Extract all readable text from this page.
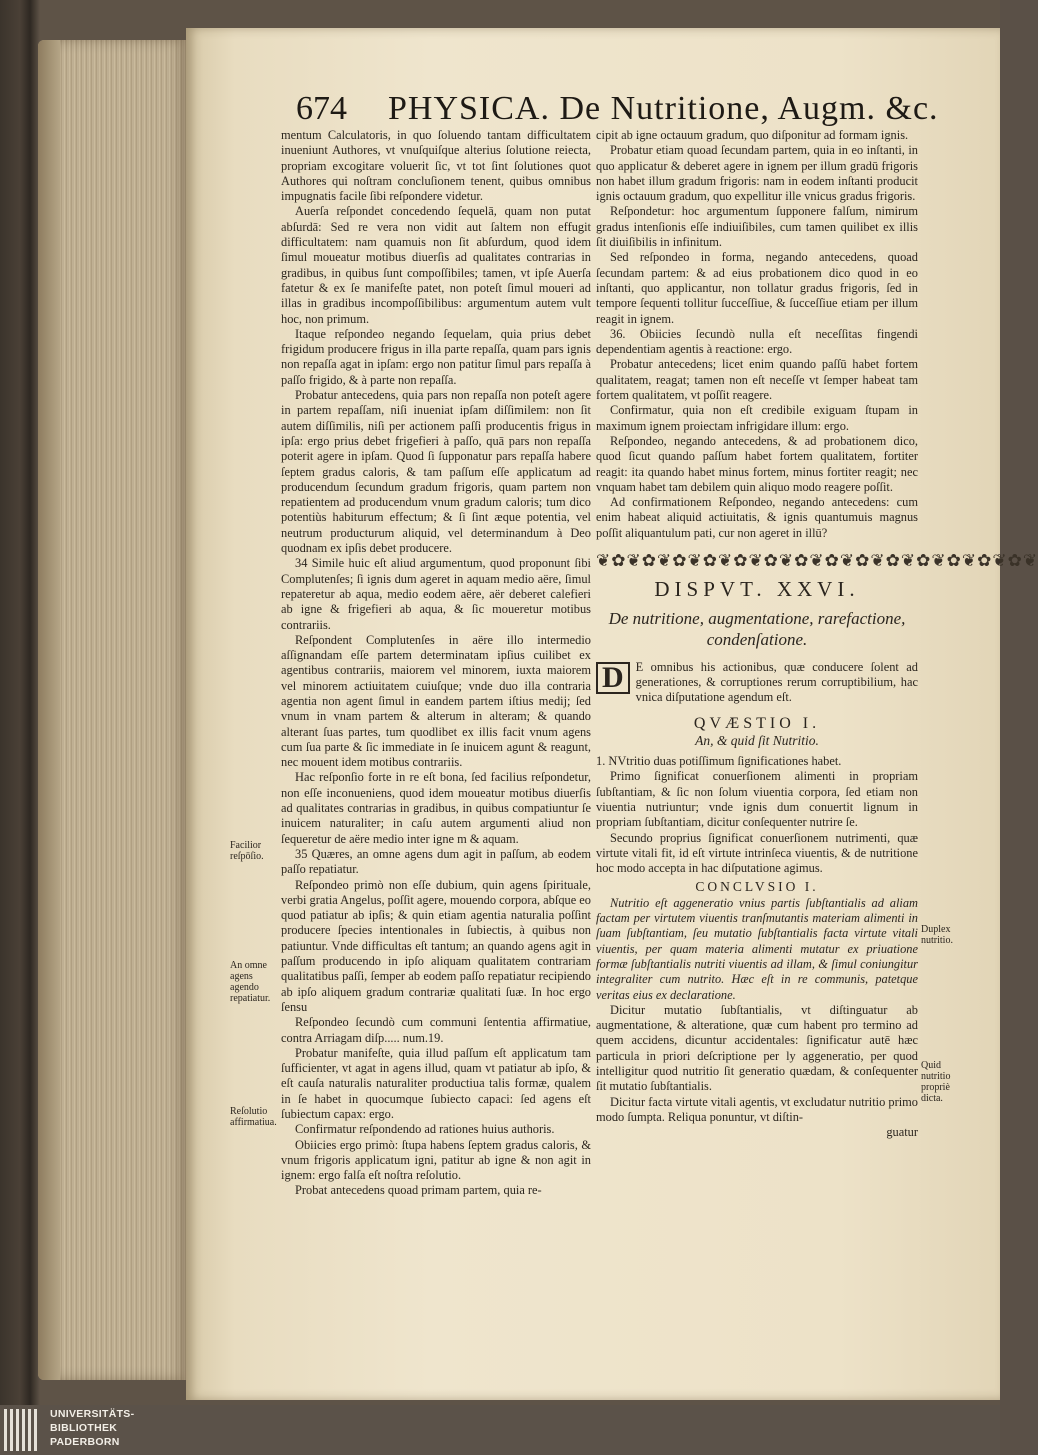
674 PHYSICA. De Nutritione, Augm. &c.
Facilior reſpōſio.
An omne agens agendo repatiatur.
Reſolutio affirmatiua.
Duplex nutritio.
Quid nutritio propriè dicta.

mentum Calculatoris, in quo ſoluendo tantam difficultatem inueniunt Authores, vt vnuſquiſque alterius ſolutione reiecta, propriam excogitare voluerit ſic, vt tot ſint ſolutiones quot Authores qui noſtram concluſionem tenent, quibus omnibus impugnatis facile ſibi reſpondere videtur.

Auerſa reſpondet concedendo ſequelā, quam non putat abſurdā: Sed re vera non vidit aut ſaltem non effugit difficultatem: nam quamuis non ſit abſurdum, quod idem ſimul moueatur motibus diuerſis ad qualitates contrarias in gradibus, in quibus ſunt compoſſibiles; tamen, vt ipſe Auerſa fatetur & ex ſe manifeſte patet, non poteſt ſimul moueri ad illas in gradibus incompoſſibilibus: argumentum autem vult hoc, non primum.

Itaque reſpondeo negando ſequelam, quia prius debet frigidum producere frigus in illa parte repaſſa, quam pars ignis non repaſſa agat in ipſam: ergo non patitur ſimul pars repaſſa à paſſo frigido, & à parte non repaſſa.

Probatur antecedens, quia pars non repaſſa non poteſt agere in partem repaſſam, niſi inueniat ipſam diſſimilem: non ſit autem diſſimilis, niſi per actionem paſſi producentis frigus in ipſa: ergo prius debet frigefieri à paſſo, quā pars non repaſſa poterit agere in ipſam. Quod ſi ſupponatur pars repaſſa habere ſeptem gradus caloris, & tam paſſum eſſe applicatum ad producendum ſecundum gradum frigoris, quam partem non repatientem ad producendum vnum gradum caloris; tum dico potentiùs habiturum effectum; & ſi ſint æque potentia, vel neutrum producturum aliquid, vel determinandum à Deo quodnam ex ipſis debet producere.

34 Simile huic eſt aliud argumentum, quod proponunt ſibi Complutenſes; ſi ignis dum ageret in aquam medio aëre, ſimul repateretur ab aqua, medio eodem aëre, aër deberet calefieri ab igne & frigefieri ab aqua, & ſic moueretur motibus contrariis.

Reſpondent Complutenſes in aëre illo intermedio aſſignandam eſſe partem determinatam ipſius cuilibet ex agentibus contrariis, maiorem vel minorem, iuxta maiorem vel minorem actiuitatem cuiuſque; vnde duo illa contraria agentia non agent ſimul in eandem partem iſtius medij; ſed vnum in vnam partem & alterum in alteram; & quando alterant ſuas partes, tum quodlibet ex illis facit vnum agens cum ſua parte & ſic immediate in ſe inuicem agunt & reagunt, nec mouent idem motibus contrariis.

Hac reſponſio forte in re eſt bona, ſed facilius reſpondetur, non eſſe inconueniens, quod idem moueatur motibus diuerſis ad qualitates contrarias in gradibus, in quibus compatiuntur ſe inuicem naturaliter; in caſu autem argumenti aliud non ſequeretur de aëre medio inter igne m & aquam.

35 Quæres, an omne agens dum agit in paſſum, ab eodem paſſo repatiatur.

Reſpondeo primò non eſſe dubium, quin agens ſpirituale, verbi gratia Angelus, poſſit agere, mouendo corpora, abſque eo quod patiatur ab ipſis; & quin etiam agentia naturalia poſſint producere ſpecies intentionales in ſubiectis, à quibus non patiuntur. Vnde difficultas eſt tantum; an quando agens agit in paſſum producendo in ipſo aliquam qualitatem contrariam qualitatibus paſſi, ſemper ab eodem paſſo repatiatur recipiendo ab ipſo aliquem gradum contrariæ qualitati ſuæ. In hoc ergo ſensu

Reſpondeo ſecundò cum communi ſententia affirmatiue, contra Arriagam diſp..... num.19.

Probatur manifeſte, quia illud paſſum eſt applicatum tam ſufficienter, vt agat in agens illud, quam vt patiatur ab ipſo, & eſt cauſa naturalis naturaliter productiua talis formæ, qualem in ſe habet in quocumque ſubiecto capaci: ſed agens eſt ſubiectum capax: ergo.

Confirmatur reſpondendo ad rationes huius authoris.

Obiicies ergo primò: ſtupa habens ſeptem gradus caloris, & vnum frigoris applicatum igni, patitur ab igne & non agit in ignem: ergo falſa eſt noſtra reſolutio.

Probat antecedens quoad primam partem, quia re-

cipit ab igne octauum gradum, quo diſponitur ad formam ignis.

Probatur etiam quoad ſecundam partem, quia in eo inſtanti, in quo applicatur & deberet agere in ignem per illum gradū frigoris non habet illum gradum frigoris: nam in eodem inſtanti producit ignis octauum gradum, quo expellitur ille vnicus gradus frigoris.

Reſpondetur: hoc argumentum ſupponere falſum, nimirum gradus intenſionis eſſe indiuiſibiles, cum tamen quilibet ex illis ſit diuiſibilis in infinitum.

Sed reſpondeo in forma, negando antecedens, quoad ſecundam partem: & ad eius probationem dico quod in eo inſtanti, quo applicantur, non tollatur gradus frigoris, ſed in tempore ſequenti tollitur ſucceſſiue, & ſucceſſiue etiam per illum reagit in ignem.

36. Obiicies ſecundò nulla eſt neceſſitas fingendi dependentiam agentis à reactione: ergo.

Probatur antecedens; licet enim quando paſſū habet fortem qualitatem, reagat; tamen non eſt neceſſe vt ſemper habeat tam fortem qualitatem, vt poſſit reagere.

Confirmatur, quia non eſt credibile exiguam ſtupam in maximum ignem proiectam infrigidare illum: ergo.

Reſpondeo, negando antecedens, & ad probationem dico, quod ſicut quando paſſum habet fortem qualitatem, fortiter reagit: ita quando habet minus fortem, minus fortiter reagit; nec vnquam habet tam debilem quin aliquo modo reagere poſſit.

Ad confirmationem Reſpondeo, negando antecedens: cum enim habeat aliquid actiuitatis, & ignis quantumuis magnus poſſit aliquantulum pati, cur non ageret in illū?

❦✿❦✿❦✿❦✿❦✿❦✿❦✿❦✿❦✿❦✿❦✿❦✿❦✿❦✿❦
DISPVT. XXVI.
De nutritione, augmentatione, rarefactione, condenſatione.

D E omnibus his actionibus, quæ conducere ſolent ad generationes, & corruptiones rerum corruptibilium, hac vnica diſputatione agendum eſt.

QVÆSTIO I.
An, & quid ſit Nutritio.

1. NVtritio duas potiſſimum ſignificationes habet.

Primo ſignificat conuerſionem alimenti in propriam ſubſtantiam, & ſic non ſolum viuentia corpora, ſed etiam non viuentia nutriuntur; vnde ignis dum conuertit lignum in propriam ſubſtantiam, dicitur conſequenter nutrire ſe.

Secundo proprius ſignificat conuerſionem nutrimenti, quæ virtute vitali fit, id eſt virtute intrinſeca viuentis, & de nutritione hoc modo accepta in hac diſputatione agimus.

CONCLVSIO I.

Nutritio eſt aggeneratio vnius partis ſubſtantialis ad aliam factam per virtutem viuentis tranſmutantis materiam alimenti in ſuam ſubſtantiam, ſeu mutatio ſubſtantialis facta virtute vitali viuentis, per quam materia alimenti mutatur ex priuatione formæ ſubſtantialis nutriti viuentis ad illam, & ſimul coniungitur integraliter cum nutrito. Hæc eſt in re communis, patetque veritas eius ex declaratione.

Dicitur mutatio ſubſtantialis, vt diſtinguatur ab augmentatione, & alteratione, quæ cum habent pro termino ad quem accidens, dicuntur accidentales: ſignificatur autē hæc particula in priori deſcriptione per ly aggeneratio, per quod intelligitur quod nutritio ſit generatio quædam, & conſequenter ſit mutatio ſubſtantialis.

Dicitur facta virtute vitali agentis, vt excludatur nutritio primo modo ſumpta. Reliqua ponuntur, vt diſtin-

guatur
UNIVERSITÄTS-
BIBLIOTHEK
PADERBORN
